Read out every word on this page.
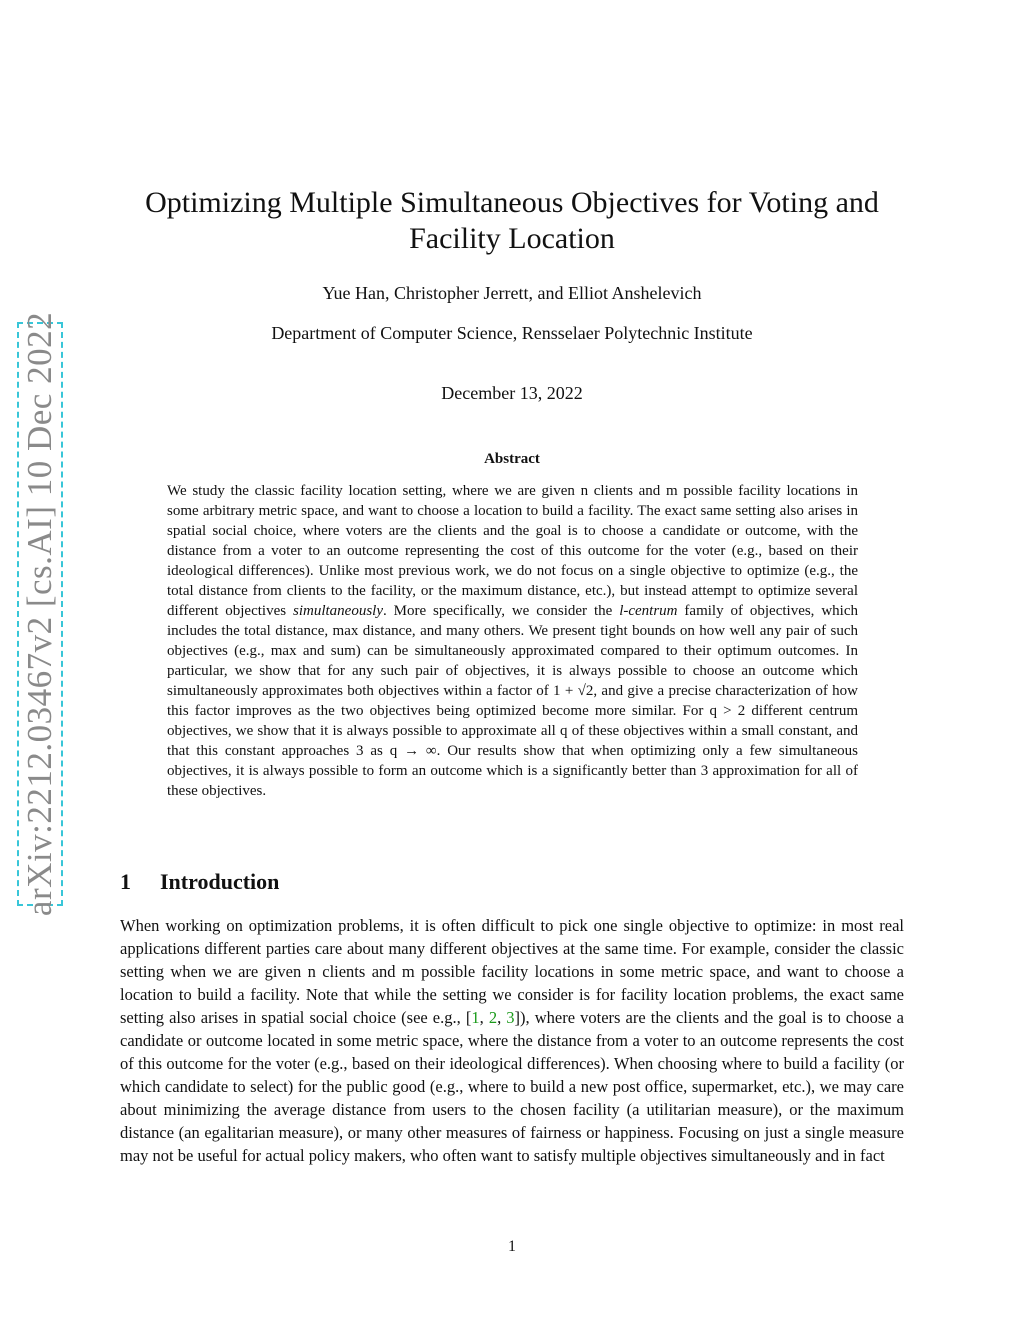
arXiv:2212.03467v2 [cs.AI] 10 Dec 2022
Optimizing Multiple Simultaneous Objectives for Voting and Facility Location
Yue Han, Christopher Jerrett, and Elliot Anshelevich
Department of Computer Science, Rensselaer Polytechnic Institute
December 13, 2022
Abstract

We study the classic facility location setting, where we are given n clients and m possible facility locations in some arbitrary metric space, and want to choose a location to build a facility. The exact same setting also arises in spatial social choice, where voters are the clients and the goal is to choose a candidate or outcome, with the distance from a voter to an outcome representing the cost of this outcome for the voter (e.g., based on their ideological differences). Unlike most previous work, we do not focus on a single objective to optimize (e.g., the total distance from clients to the facility, or the maximum distance, etc.), but instead attempt to optimize several different objectives simultaneously. More specifically, we consider the l-centrum family of objectives, which includes the total distance, max distance, and many others. We present tight bounds on how well any pair of such objectives (e.g., max and sum) can be simultaneously approximated compared to their optimum outcomes. In particular, we show that for any such pair of objectives, it is always possible to choose an outcome which simultaneously approximates both objectives within a factor of 1 + √2, and give a precise characterization of how this factor improves as the two objectives being optimized become more similar. For q > 2 different centrum objectives, we show that it is always possible to approximate all q of these objectives within a small constant, and that this constant approaches 3 as q → ∞. Our results show that when optimizing only a few simultaneous objectives, it is always possible to form an outcome which is a significantly better than 3 approximation for all of these objectives.

1 Introduction

When working on optimization problems, it is often difficult to pick one single objective to optimize: in most real applications different parties care about many different objectives at the same time. For example, consider the classic setting when we are given n clients and m possible facility locations in some metric space, and want to choose a location to build a facility. Note that while the setting we consider is for facility location problems, the exact same setting also arises in spatial social choice (see e.g., [1, 2, 3]), where voters are the clients and the goal is to choose a candidate or outcome located in some metric space, where the distance from a voter to an outcome represents the cost of this outcome for the voter (e.g., based on their ideological differences). When choosing where to build a facility (or which candidate to select) for the public good (e.g., where to build a new post office, supermarket, etc.), we may care about minimizing the average distance from users to the chosen facility (a utilitarian measure), or the maximum distance (an egalitarian measure), or many other measures of fairness or happiness. Focusing on just a single measure may not be useful for actual policy makers, who often want to satisfy multiple objectives simultaneously and in fact

1
